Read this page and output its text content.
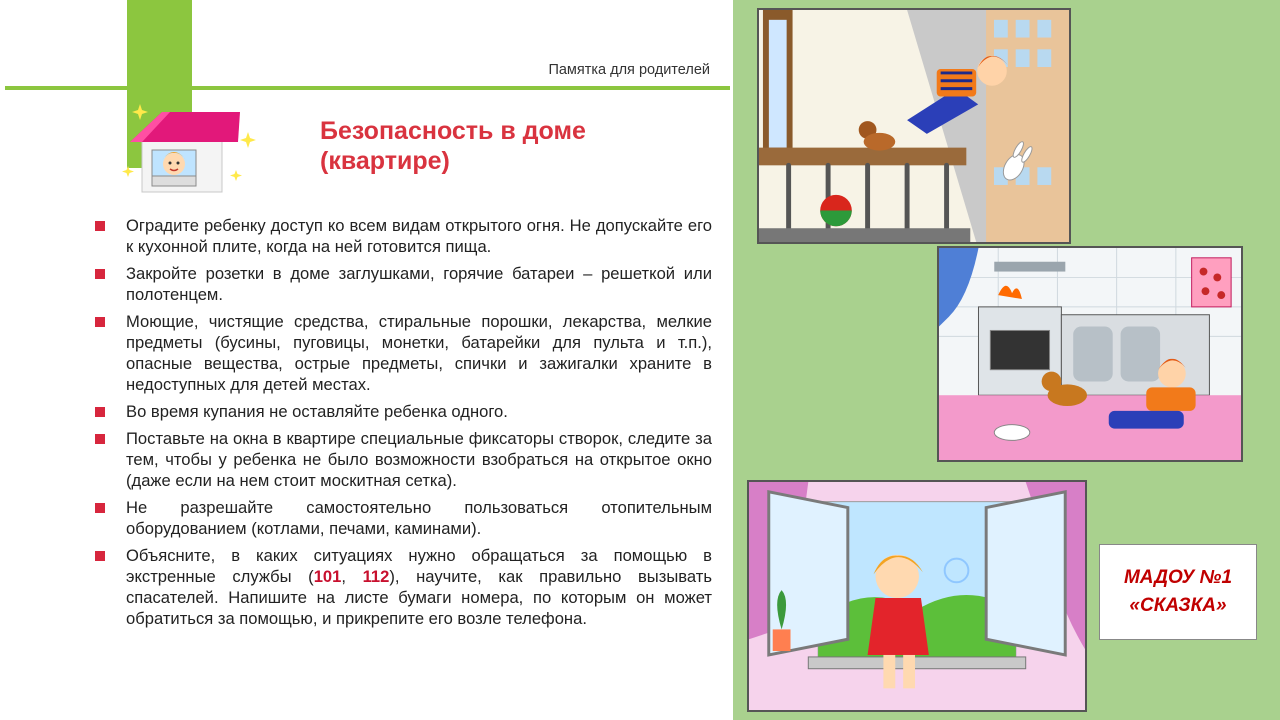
Памятка для родителей
Безопасность в доме
(квартире)
Оградите ребенку доступ ко всем видам открытого огня. Не допускайте его к кухонной плите, когда на ней готовится пища.
Закройте розетки в доме заглушками, горячие батареи – решеткой или полотенцем.
Моющие, чистящие средства, стиральные порошки, лекарства, мелкие предметы (бусины, пуговицы, монетки, батарейки для пульта и т.п.), опасные вещества, острые предметы, спички и зажигалки храните в недоступных для детей местах.
Во время купания не оставляйте ребенка одного.
Поставьте на окна в квартире специальные фиксаторы створок, следите за тем, чтобы у ребенка не было возможности взобраться на открытое окно (даже если на нем стоит москитная сетка).
Не разрешайте самостоятельно пользоваться отопительным оборудованием (котлами, печами, каминами).
Объясните, в каких ситуациях нужно обращаться за помощью в экстренные службы (101, 112), научите, как правильно вызывать спасателей. Напишите на листе бумаги номера, по которым он может обратиться за помощью, и прикрепите его возле телефона.
МАДОУ №1
«СКАЗКА»
